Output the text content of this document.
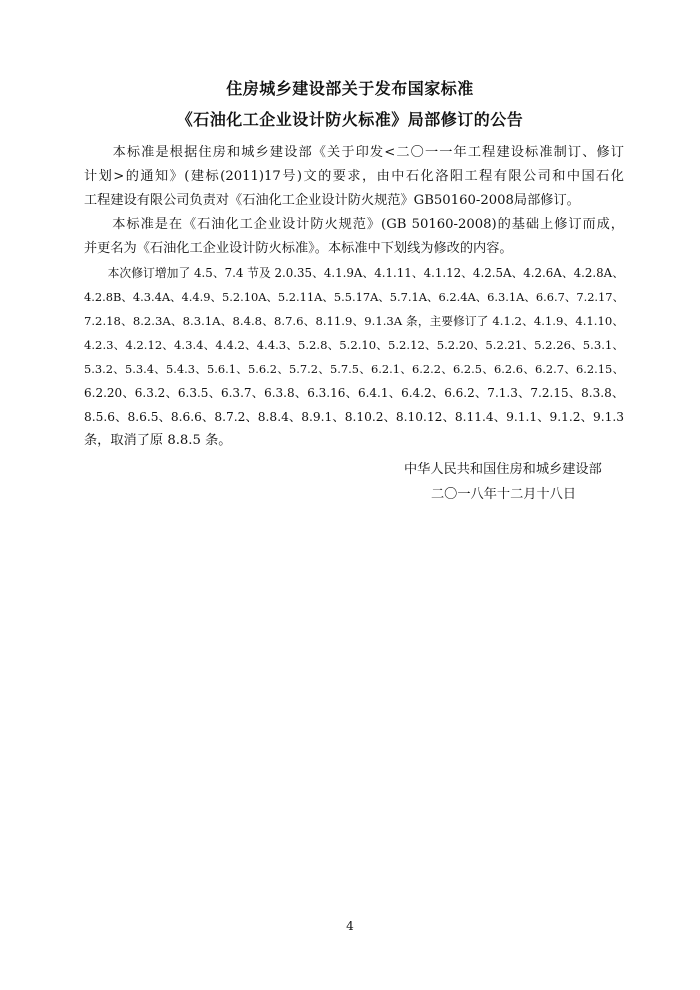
住房城乡建设部关于发布国家标准
《石油化工企业设计防火标准》局部修订的公告
　　本标准是根据住房和城乡建设部《关于印发<二〇一一年工程建设标准制订、修订
计划>的通知》(建标(2011)17号)文的要求，由中石化洛阳工程有限公司和中国石化
工程建设有限公司负责对《石油化工企业设计防火规范》GB50160-2008局部修订。
　　本标准是在《石油化工企业设计防火规范》(GB 50160-2008)的基础上修订而成，
并更名为《石油化工企业设计防火标准》。本标准中下划线为修改的内容。
　　本次修订增加了 4.5、7.4 节及 2.0.35、4.1.9A、4.1.11、4.1.12、4.2.5A、4.2.6A、4.2.8A、
4.2.8B、4.3.4A、4.4.9、5.2.10A、5.2.11A、5.5.17A、5.7.1A、6.2.4A、6.3.1A、6.6.7、7.2.17、
7.2.18、8.2.3A、8.3.1A、8.4.8、8.7.6、8.11.9、9.1.3A 条，主要修订了 4.1.2、4.1.9、4.1.10、
4.2.3、4.2.12、4.3.4、4.4.2、4.4.3、5.2.8、5.2.10、5.2.12、5.2.20、5.2.21、5.2.26、5.3.1、
5.3.2、5.3.4、5.4.3、5.6.1、5.6.2、5.7.2、5.7.5、6.2.1、6.2.2、6.2.5、6.2.6、6.2.7、6.2.15、
6.2.20、6.3.2、6.3.5、6.3.7、6.3.8、6.3.16、6.4.1、6.4.2、6.6.2、7.1.3、7.2.15、8.3.8、
8.5.6、8.6.5、8.6.6、8.7.2、8.8.4、8.9.1、8.10.2、8.10.12、8.11.4、9.1.1、9.1.2、9.1.3
条，取消了原 8.8.5 条。
中华人民共和国住房和城乡建设部
二〇一八年十二月十八日
4
